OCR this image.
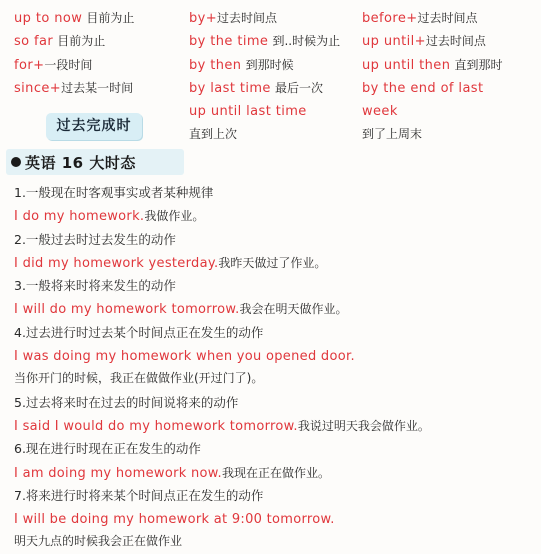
up to now 目前为止
so far 目前为止
for+一段时间
since+过去某一时间
by+过去时间点
by the time 到..时候为止
by then 到那时候
by last time 最后一次
up until last time
直到上次
before+过去时间点
up until+过去时间点
up until then 直到那时
by the end of last
week
到了上周末
过去完成时
英语 16 大时态
1.一般现在时客观事实或者某种规律
I do my homework.我做作业。
2.一般过去时过去发生的动作
I did my homework yesterday.我昨天做过了作业。
3.一般将来时将来发生的动作
I will do my homework tomorrow.我会在明天做作业。
4.过去进行时过去某个时间点正在发生的动作
I was doing my homework when you opened door.
当你开门的时候，我正在做做作业(开过门了)。
5.过去将来时在过去的时间说将来的动作
I said I would do my homework tomorrow.我说过明天我会做作业。
6.现在进行时现在正在发生的动作
I am doing my homework now.我现在正在做作业。
7.将来进行时将来某个时间点正在发生的动作
I will be doing my homework at 9:00 tomorrow.
明天九点的时候我会正在做作业
